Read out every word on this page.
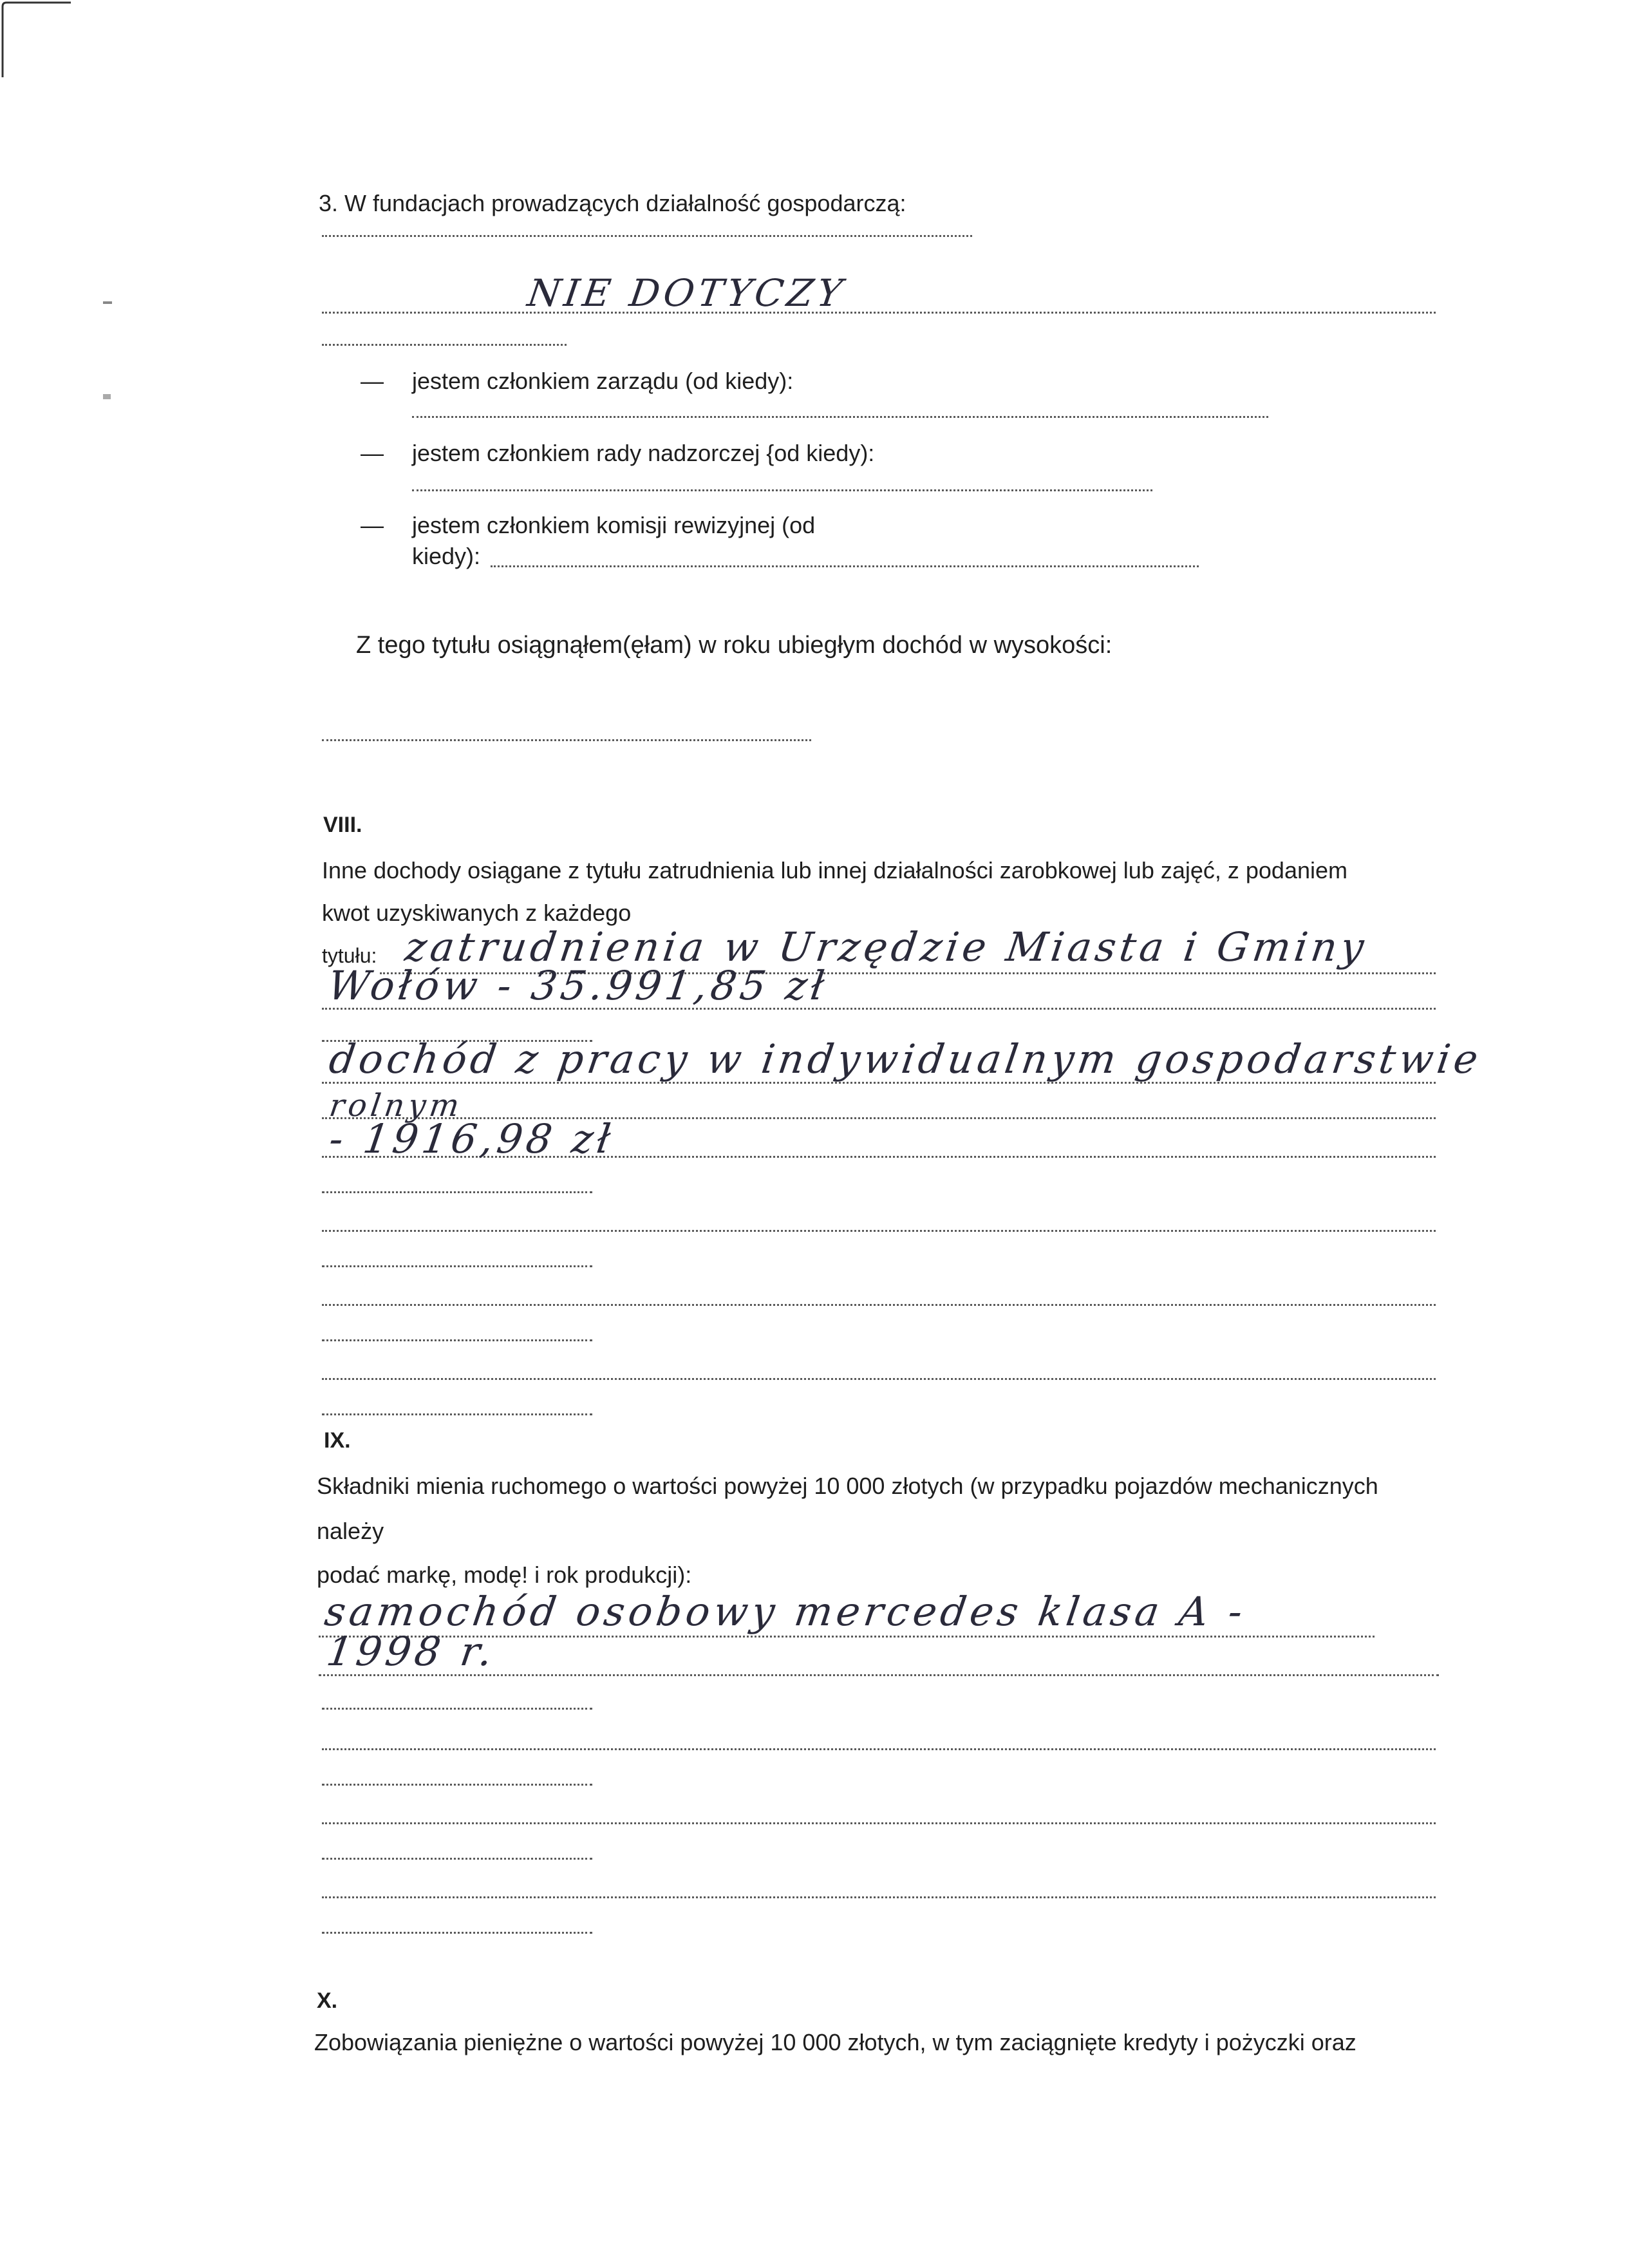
3. W fundacjach prowadzących działalność gospodarczą:
NIE DOTYCZY
— jestem członkiem zarządu (od kiedy):
— jestem członkiem rady nadzorczej {od kiedy):
— jestem członkiem komisji rewizyjnej (od
kiedy):
Z tego tytułu osiągnąłem(ęłam) w roku ubiegłym dochód w wysokości:
VIII.
Inne dochody osiągane z tytułu zatrudnienia lub innej działalności zarobkowej lub zajęć, z podaniem
kwot uzyskiwanych z każdego
tytułu: zatrudnienia w Urzędzie Miasta i Gminy
Wołów - 35.991,85 zł
dochód z pracy w indywidualnym gospodarstwie
rolnym
- 1916,98 zł
IX.
Składniki mienia ruchomego o wartości powyżej 10 000 złotych (w przypadku pojazdów mechanicznych
należy
podać markę, modę! i rok produkcji):
samochód osobowy mercedes klasa A -
1998 r.
X.
Zobowiązania pieniężne o wartości powyżej 10 000 złotych, w tym zaciągnięte kredyty i pożyczki oraz
